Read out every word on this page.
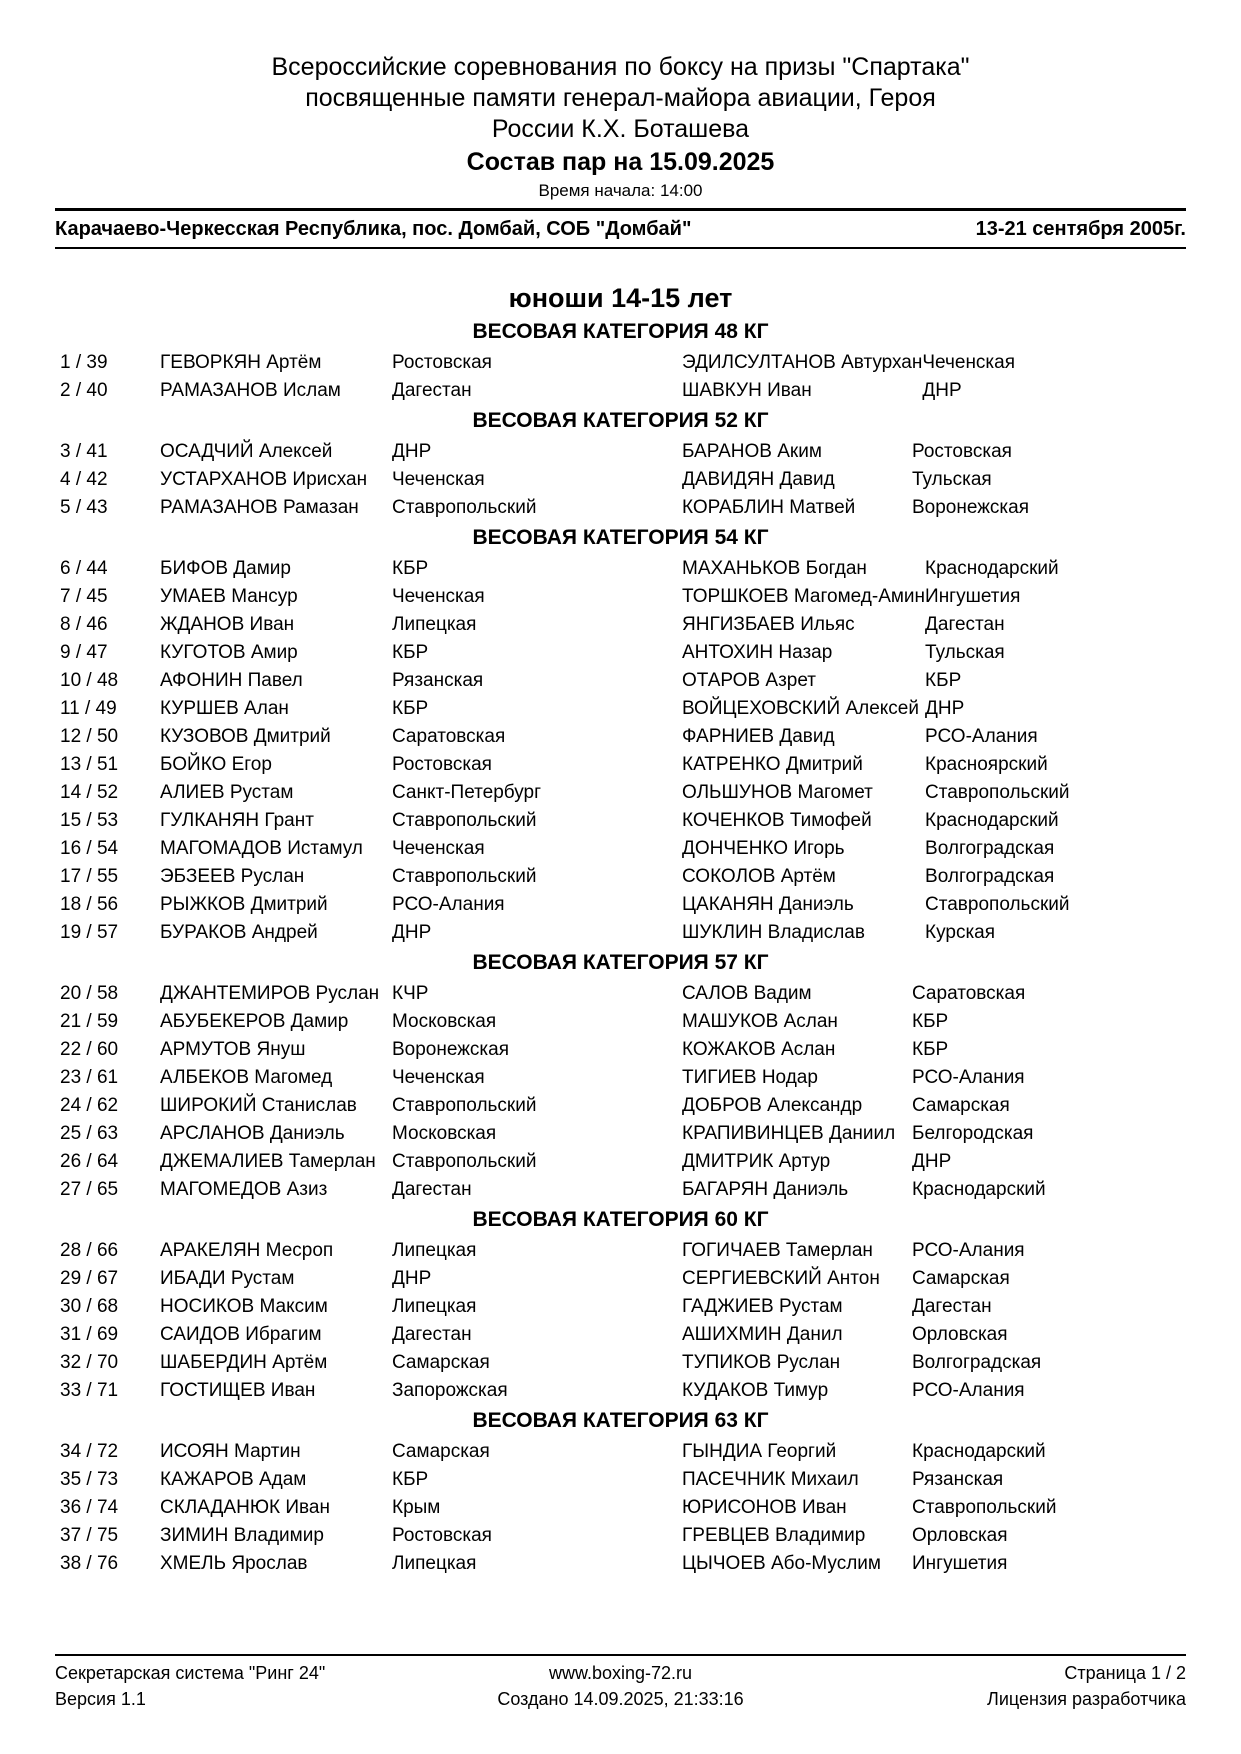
Всероссийские соревнования по боксу на призы "Спартака"
посвященные памяти генерал-майора авиации, Героя
России К.Х. Боташева
Состав пар на 15.09.2025
Время начала: 14:00
Карачаево-Черкесская Республика, пос. Домбай, СОБ "Домбай"	13-21 сентября 2005г.
юноши 14-15 лет
ВЕСОВАЯ КАТЕГОРИЯ 48 КГ
1 / 39	ГЕВОРКЯН Артём	Ростовская	ЭДИЛСУЛТАНОВ Автурхан	Чеченская
2 / 40	РАМАЗАНОВ Ислам	Дагестан	ШАВКУН Иван	ДНР
ВЕСОВАЯ КАТЕГОРИЯ 52 КГ
3 / 41	ОСАДЧИЙ Алексей	ДНР	БАРАНОВ Аким	Ростовская
4 / 42	УСТАРХАНОВ Ирисхан	Чеченская	ДАВИДЯН Давид	Тульская
5 / 43	РАМАЗАНОВ Рамазан	Ставропольский	КОРАБЛИН Матвей	Воронежская
ВЕСОВАЯ КАТЕГОРИЯ 54 КГ
6 / 44	БИФОВ Дамир	КБР	МАХАНЬКОВ Богдан	Краснодарский
7 / 45	УМАЕВ Мансур	Чеченская	ТОРШКОЕВ Магомед-Амин	Ингушетия
8 / 46	ЖДАНОВ Иван	Липецкая	ЯНГИЗБАЕВ Ильяс	Дагестан
9 / 47	КУГОТОВ Амир	КБР	АНТОХИН Назар	Тульская
10 / 48	АФОНИН Павел	Рязанская	ОТАРОВ Азрет	КБР
11 / 49	КУРШЕВ Алан	КБР	ВОЙЦЕХОВСКИЙ Алексей	ДНР
12 / 50	КУЗОВОВ Дмитрий	Саратовская	ФАРНИЕВ Давид	РСО-Алания
13 / 51	БОЙКО Егор	Ростовская	КАТРЕНКО Дмитрий	Красноярский
14 / 52	АЛИЕВ Рустам	Санкт-Петербург	ОЛЬШУНОВ Магомет	Ставропольский
15 / 53	ГУЛКАНЯН Грант	Ставропольский	КОЧЕНКОВ Тимофей	Краснодарский
16 / 54	МАГОМАДОВ Истамул	Чеченская	ДОНЧЕНКО Игорь	Волгоградская
17 / 55	ЭБЗЕЕВ Руслан	Ставропольский	СОКОЛОВ Артём	Волгоградская
18 / 56	РЫЖКОВ Дмитрий	РСО-Алания	ЦАКАНЯН Даниэль	Ставропольский
19 / 57	БУРАКОВ Андрей	ДНР	ШУКЛИН Владислав	Курская
ВЕСОВАЯ КАТЕГОРИЯ 57 КГ
20 / 58	ДЖАНТЕМИРОВ Руслан	КЧР	САЛОВ Вадим	Саратовская
21 / 59	АБУБЕКЕРОВ Дамир	Московская	МАШУКОВ Аслан	КБР
22 / 60	АРМУТОВ Януш	Воронежская	КОЖАКОВ Аслан	КБР
23 / 61	АЛБЕКОВ Магомед	Чеченская	ТИГИЕВ Нодар	РСО-Алания
24 / 62	ШИРОКИЙ Станислав	Ставропольский	ДОБРОВ Александр	Самарская
25 / 63	АРСЛАНОВ Даниэль	Московская	КРАПИВИНЦЕВ Даниил	Белгородская
26 / 64	ДЖЕМАЛИЕВ Тамерлан	Ставропольский	ДМИТРИК Артур	ДНР
27 / 65	МАГОМЕДОВ Азиз	Дагестан	БАГАРЯН Даниэль	Краснодарский
ВЕСОВАЯ КАТЕГОРИЯ 60 КГ
28 / 66	АРАКЕЛЯН Месроп	Липецкая	ГОГИЧАЕВ Тамерлан	РСО-Алания
29 / 67	ИБАДИ Рустам	ДНР	СЕРГИЕВСКИЙ Антон	Самарская
30 / 68	НОСИКОВ Максим	Липецкая	ГАДЖИЕВ Рустам	Дагестан
31 / 69	САИДОВ Ибрагим	Дагестан	АШИХМИН Данил	Орловская
32 / 70	ШАБЕРДИН Артём	Самарская	ТУПИКОВ Руслан	Волгоградская
33 / 71	ГОСТИЩЕВ Иван	Запорожская	КУДАКОВ Тимур	РСО-Алания
ВЕСОВАЯ КАТЕГОРИЯ 63 КГ
34 / 72	ИСОЯН Мартин	Самарская	ГЫНДИА Георгий	Краснодарский
35 / 73	КАЖАРОВ Адам	КБР	ПАСЕЧНИК Михаил	Рязанская
36 / 74	СКЛАДАНЮК Иван	Крым	ЮРИСОНОВ Иван	Ставропольский
37 / 75	ЗИМИН Владимир	Ростовская	ГРЕВЦЕВ Владимир	Орловская
38 / 76	ХМЕЛЬ Ярослав	Липецкая	ЦЫЧОЕВ Або-Муслим	Ингушетия
Секретарская система "Ринг 24"	www.boxing-72.ru	Страница 1 / 2
Версия 1.1	Создано 14.09.2025, 21:33:16	Лицензия разработчика
